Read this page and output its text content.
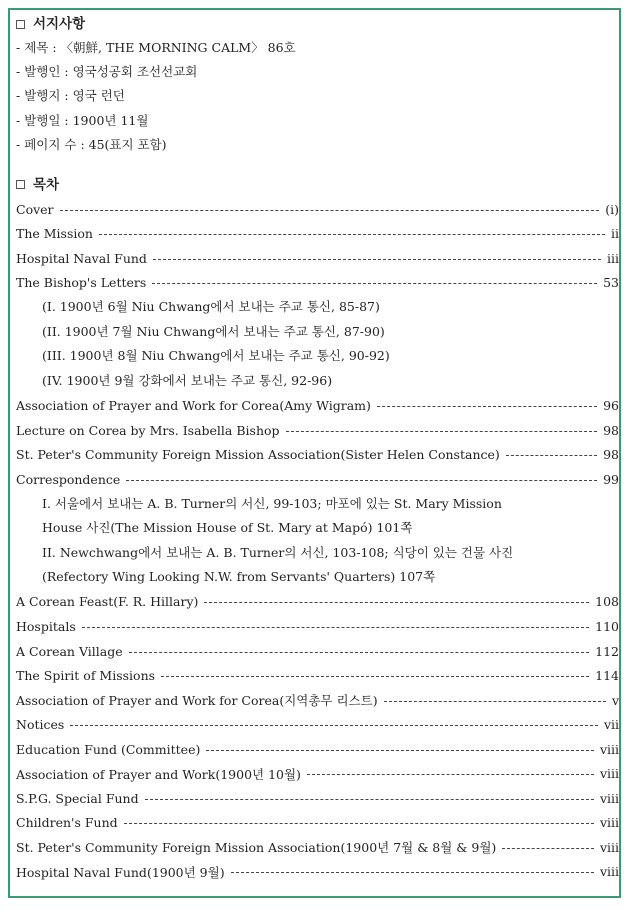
서지사항
- 제목 : 〈朝鮮, THE MORNING CALM〉 86호
- 발행인 : 영국성공회 조선선교회
- 발행지 : 영국 런던
- 발행일 : 1900년 11월
- 페이지 수 : 45(표지 포함)
목차
Cover	(i)
The Mission	ii
Hospital Naval Fund	iii
The Bishop's Letters	53
(I. 1900년 6월 Niu Chwang에서 보내는 주교 통신, 85-87)
(II. 1900년 7월 Niu Chwang에서 보내는 주교 통신, 87-90)
(III. 1900년 8월 Niu Chwang에서 보내는 주교 통신, 90-92)
(IV. 1900년 9월 강화에서 보내는 주교 통신, 92-96)
Association of Prayer and Work for Corea(Amy Wigram)	96
Lecture on Corea by Mrs. Isabella Bishop	98
St. Peter's Community Foreign Mission Association(Sister Helen Constance)	98
Correspondence	99
I. 서울에서 보내는 A. B. Turner의 서신, 99-103; 마포에 있는 St. Mary Mission
House 사진(The Mission House of St. Mary at Mapó) 101쪽
II. Newchwang에서 보내는 A. B. Turner의 서신, 103-108; 식당이 있는 건물 사진
(Refectory Wing Looking N.W. from Servants' Quarters) 107쪽
A Corean Feast(F. R. Hillary)	108
Hospitals	110
A Corean Village	112
The Spirit of Missions	114
Association of Prayer and Work for Corea(지역총무 리스트)	v
Notices	vii
Education Fund (Committee)	viii
Association of Prayer and Work(1900년 10월)	viii
S.P.G. Special Fund	viii
Children's Fund	viii
St. Peter's Community Foreign Mission Association(1900년 7월 & 8월 & 9월)	viii
Hospital Naval Fund(1900년 9월)	viii
